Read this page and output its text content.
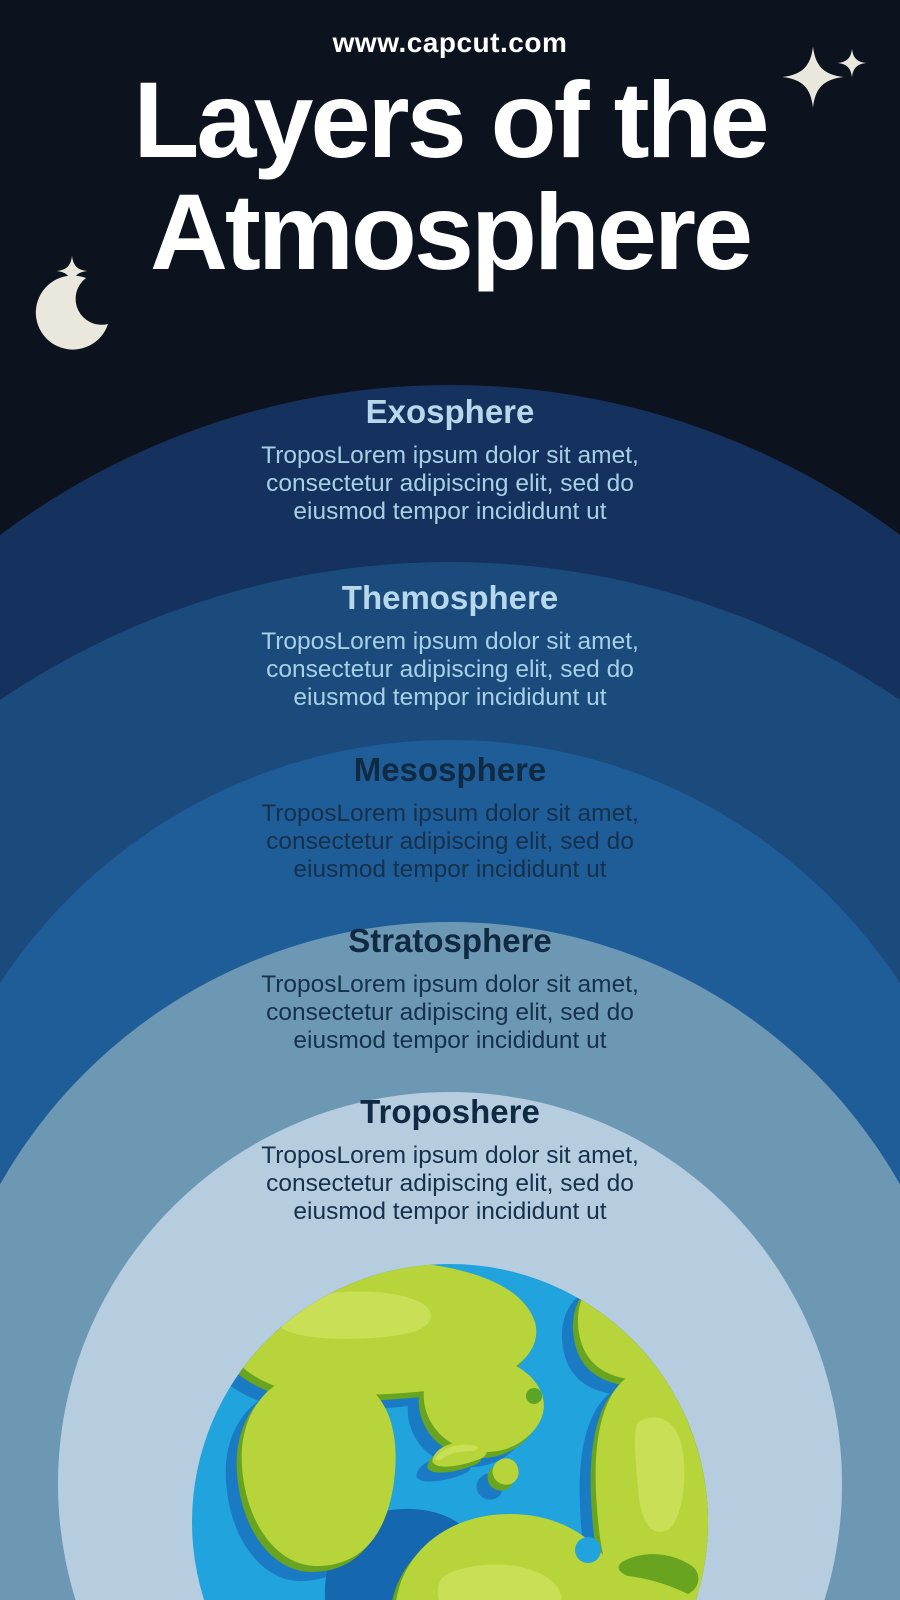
Exosphere

TroposLorem ipsum dolor sit amet, consectetur adipiscing elit, sed do eiusmod tempor incididunt ut

Themosphere

TroposLorem ipsum dolor sit amet, consectetur adipiscing elit, sed do eiusmod tempor incididunt ut

Mesosphere

TroposLorem ipsum dolor sit amet, consectetur adipiscing elit, sed do eiusmod tempor incididunt ut

Stratosphere

TroposLorem ipsum dolor sit amet, consectetur adipiscing elit, sed do eiusmod tempor incididunt ut

Troposhere

TroposLorem ipsum dolor sit amet, consectetur adipiscing elit, sed do eiusmod tempor incididunt ut

www.capcut.com
Layers of the
Atmosphere
